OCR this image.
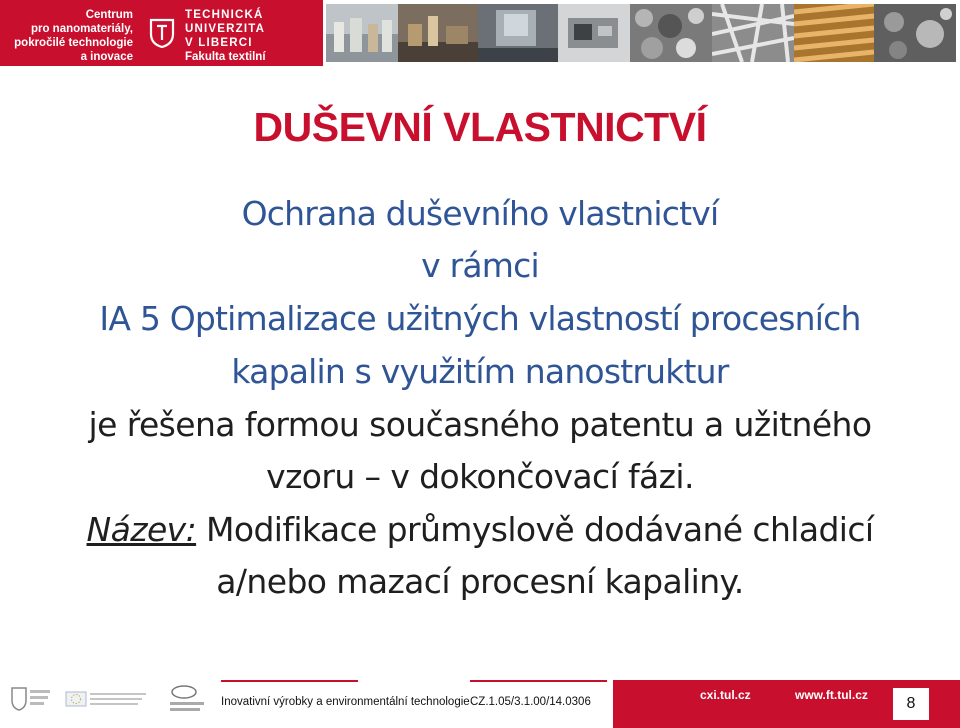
Centrum
pro nanomateriály,
pokročilé technologie
a inovace
TECHNICKÁ
UNIVERZITA
V LIBERCI
Fakulta textilní
DUŠEVNÍ VLASTNICTVÍ
Ochrana duševního vlastnictví
v rámci
IA 5 Optimalizace užitných vlastností procesních
kapalin s využitím nanostruktur
je řešena formou současného patentu a užitného
vzoru – v dokončovací fázi.
Název: Modifikace průmyslově dodávané chladicí
a/nebo mazací procesní kapaliny.
Inovativní výrobky a environmentální technologie CZ.1.05/3.1.00/14.0306	cxi.tul.cz	www.ft.tul.cz	8
